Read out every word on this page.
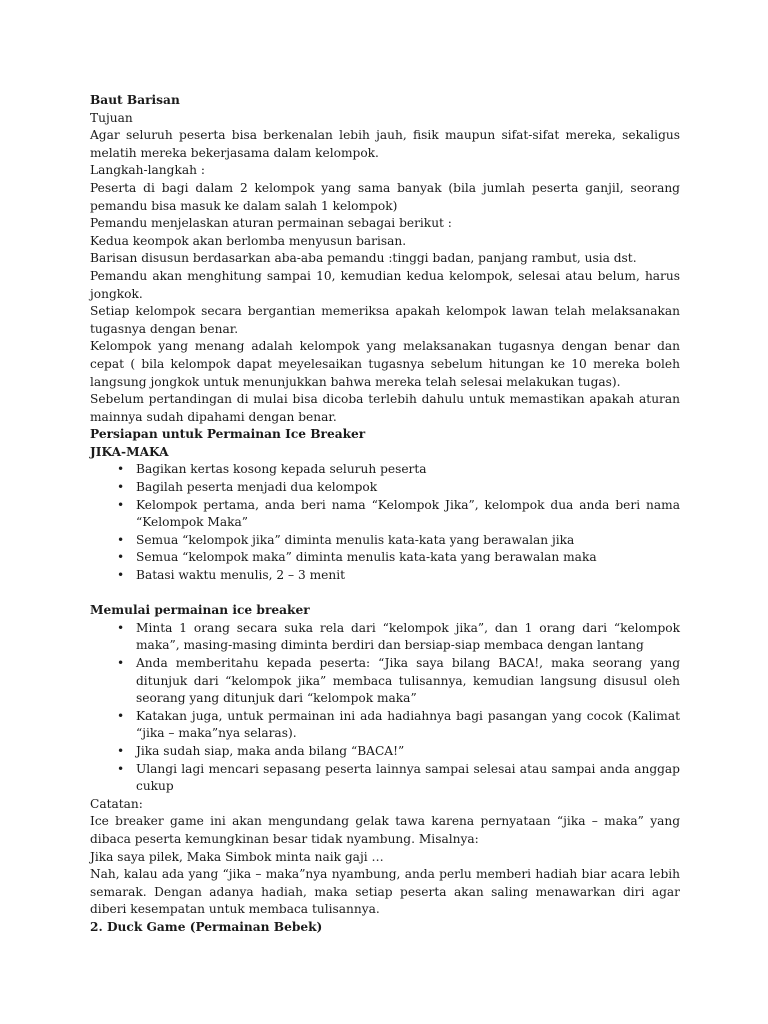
Baut Barisan

Tujuan

Agar seluruh peserta bisa berkenalan lebih jauh, fisik maupun sifat-sifat mereka, sekaligus melatih mereka bekerjasama dalam kelompok.

Langkah-langkah :

Peserta di bagi dalam 2 kelompok yang sama banyak (bila jumlah peserta ganjil, seorang pemandu bisa masuk ke dalam salah 1 kelompok)

Pemandu menjelaskan aturan permainan sebagai berikut :

Kedua keompok akan berlomba menyusun barisan.

Barisan disusun berdasarkan aba-aba pemandu :tinggi badan, panjang rambut, usia dst.

Pemandu akan menghitung sampai 10, kemudian kedua kelompok, selesai atau belum, harus jongkok.

Setiap kelompok secara bergantian memeriksa apakah kelompok lawan telah melaksanakan tugasnya dengan benar.

Kelompok yang menang adalah kelompok yang melaksanakan tugasnya dengan benar dan cepat ( bila kelompok dapat meyelesaikan tugasnya sebelum hitungan ke 10 mereka boleh langsung jongkok untuk menunjukkan bahwa mereka telah selesai melakukan tugas).

Sebelum pertandingan di mulai bisa dicoba terlebih dahulu untuk memastikan apakah aturan mainnya sudah dipahami dengan benar.

Persiapan untuk Permainan Ice Breaker

JIKA-MAKA

• Bagikan kertas kosong kepada seluruh peserta
• Bagilah peserta menjadi dua kelompok
• Kelompok pertama, anda beri nama “Kelompok Jika”, kelompok dua anda beri nama “Kelompok Maka”
• Semua “kelompok jika” diminta menulis kata-kata yang berawalan jika
• Semua “kelompok maka” diminta menulis kata-kata yang berawalan maka
• Batasi waktu menulis, 2 – 3 menit

Memulai permainan ice breaker

• Minta 1 orang secara suka rela dari “kelompok jika”, dan 1 orang dari “kelompok maka”, masing-masing diminta berdiri dan bersiap-siap membaca dengan lantang
• Anda memberitahu kepada peserta: “Jika saya bilang BACA!, maka seorang yang ditunjuk dari “kelompok jika” membaca tulisannya, kemudian langsung disusul oleh seorang yang ditunjuk dari “kelompok maka”
• Katakan juga, untuk permainan ini ada hadiahnya bagi pasangan yang cocok (Kalimat “jika – maka”nya selaras).
• Jika sudah siap, maka anda bilang “BACA!”
• Ulangi lagi mencari sepasang peserta lainnya sampai selesai atau sampai anda anggap cukup

Catatan:

Ice breaker game ini akan mengundang gelak tawa karena pernyataan “jika – maka” yang dibaca peserta kemungkinan besar tidak nyambung. Misalnya:

Jika saya pilek, Maka Simbok minta naik gaji …

Nah, kalau ada yang “jika – maka”nya nyambung, anda perlu memberi hadiah biar acara lebih semarak. Dengan adanya hadiah, maka setiap peserta akan saling menawarkan diri agar diberi kesempatan untuk membaca tulisannya.

2. Duck Game (Permainan Bebek)
